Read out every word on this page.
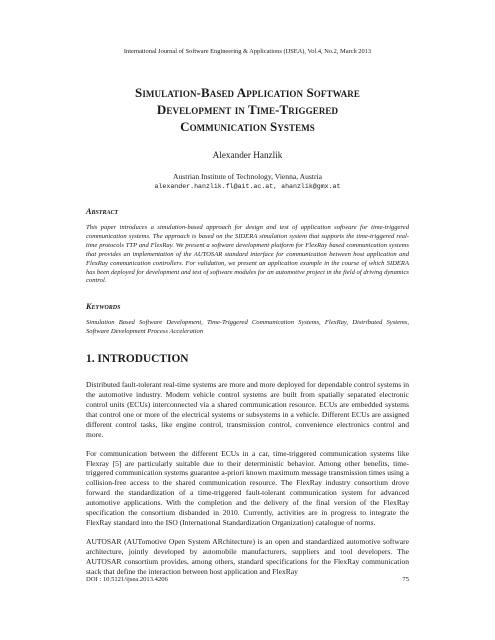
International Journal of Software Engineering & Applications (IJSEA), Vol.4, No.2, March 2013
Simulation-Based Application Software
Development in Time-Triggered
Communication Systems
Alexander Hanzlik
Austrian Institute of Technology, Vienna, Austria
alexander.hanzlik.fl@ait.ac.at, ahanzlik@gmx.at
Abstract
This paper introduces a simulation-based approach for design and test of application software for time-triggered communication systems. The approach is based on the SIDERA simulation system that supports the time-triggered real-time protocols TTP and FlexRay. We present a software development platform for FlexRay based communication systems that provides an implementation of the AUTOSAR standard interface for communication between host application and FlexRay communication controllers. For validation, we present an application example in the course of which SIDERA has been deployed for development and test of software modules for an automotive project in the field of driving dynamics control.
Keywords
Simulation Based Software Development, Time-Triggered Communication Systems, FlexRay, Distributed Systems, Software Development Process Acceleration
1. INTRODUCTION
Distributed fault-tolerant real-time systems are more and more deployed for dependable control systems in the automotive industry. Modern vehicle control systems are built from spatially separated electronic control units (ECUs) interconnected via a shared communication resource. ECUs are embedded systems that control one or more of the electrical systems or subsystems in a vehicle. Different ECUs are assigned different control tasks, like engine control, transmission control, convenience electronics control and more.
For communication between the different ECUs in a car, time-triggered communication systems like Flexray [5] are particularly suitable due to their deterministic behavior. Among other benefits, time-triggered communication systems guarantee a-priori known maximum message transmission times using a collision-free access to the shared communication resource. The FlexRay industry consortium drove forward the standardization of a time-triggered fault-tolerant communication system for advanced automotive applications. With the completion and the delivery of the final version of the FlexRay specification the consortium disbanded in 2010. Currently, activities are in progress to integrate the FlexRay standard into the ISO (International Standardization Organization) catalogue of norms.
AUTOSAR (AUTomotive Open System ARchitecture) is an open and standardized automotive software architecture, jointly developed by automobile manufacturers, suppliers and tool developers. The AUTOSAR consortium provides, among others, standard specifications for the FlexRay communication stack that define the interaction between host application and FlexRay
DOI : 10.5121/ijsea.2013.4206	75
